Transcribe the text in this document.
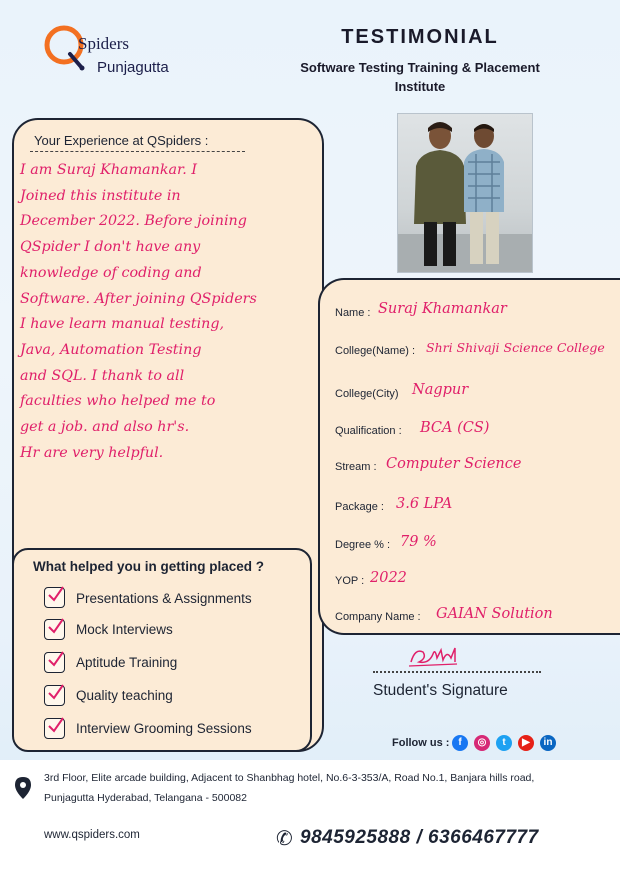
Spiders
Punjagutta
TESTIMONIAL
Software Testing Training & Placement
Institute
Your Experience at QSpiders :
I am Suraj Khamankar. I
Joined this institute in
December 2022. Before joining
QSpider I don't have any
knowledge of coding and
Software. After joining QSpiders
I have learn manual testing,
Java, Automation Testing
and SQL. I thank to all
faculties who helped me to
get a job. and also hr's.
Hr are very helpful.
Name : Suraj Khamankar
College(Name) : Shri Shivaji Science College
College(City) Nagpur
Qualification : BCA (CS)
Stream : Computer Science
Package : 3.6 LPA
Degree % : 79 %
YOP : 2022
Company Name : GAIAN Solution
What helped you in getting placed ?
Presentations & Assignments
Mock Interviews
Aptitude Training
Quality teaching
Interview Grooming Sessions
Student's Signature
Follow us : f	◎	t	▶	in
3rd Floor, Elite arcade building, Adjacent to Shanbhag hotel, No.6-3-353/A, Road No.1, Banjara hills road,
Punjagutta Hyderabad, Telangana - 500082
www.qspiders.com	✆ 9845925888 / 6366467777
